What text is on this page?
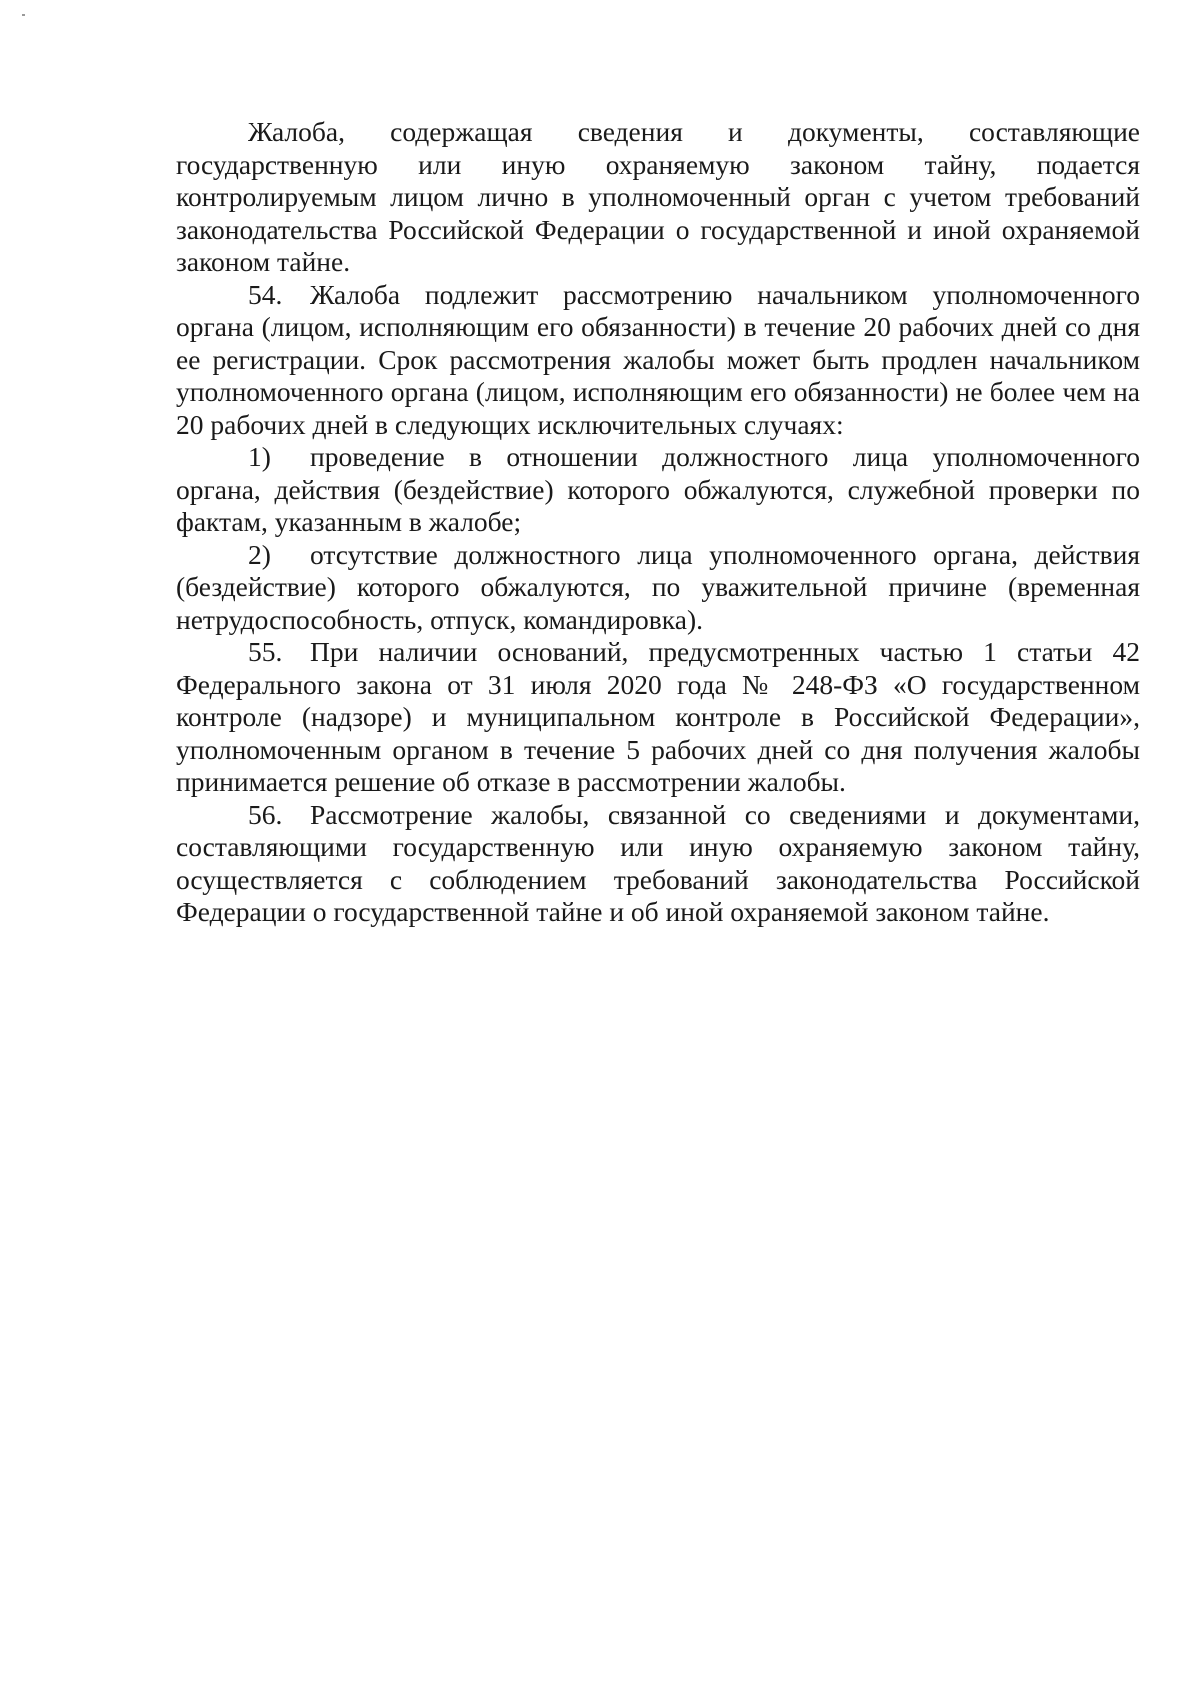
Жалоба, содержащая сведения и документы, составляющие государственную или иную охраняемую законом тайну, подается контролируемым лицом лично в уполномоченный орган с учетом требований законодательства Российской Федерации о государственной и иной охраняемой законом тайне.

54. Жалоба подлежит рассмотрению начальником уполномоченного органа (лицом, исполняющим его обязанности) в течение 20 рабочих дней со дня ее регистрации. Срок рассмотрения жалобы может быть продлен начальником уполномоченного органа (лицом, исполняющим его обязанности) не более чем на 20 рабочих дней в следующих исключительных случаях:

1) проведение в отношении должностного лица уполномоченного органа, действия (бездействие) которого обжалуются, служебной проверки по фактам, указанным в жалобе;

2) отсутствие должностного лица уполномоченного органа, действия (бездействие) которого обжалуются, по уважительной причине (временная нетрудоспособность, отпуск, командировка).

55. При наличии оснований, предусмотренных частью 1 статьи 42 Федерального закона от 31 июля 2020 года № 248-ФЗ «О государственном контроле (надзоре) и муниципальном контроле в Российской Федерации», уполномоченным органом в течение 5 рабочих дней со дня получения жалобы принимается решение об отказе в рассмотрении жалобы.

56. Рассмотрение жалобы, связанной со сведениями и документами, составляющими государственную или иную охраняемую законом тайну, осуществляется с соблюдением требований законодательства Российской Федерации о государственной тайне и об иной охраняемой законом тайне.
